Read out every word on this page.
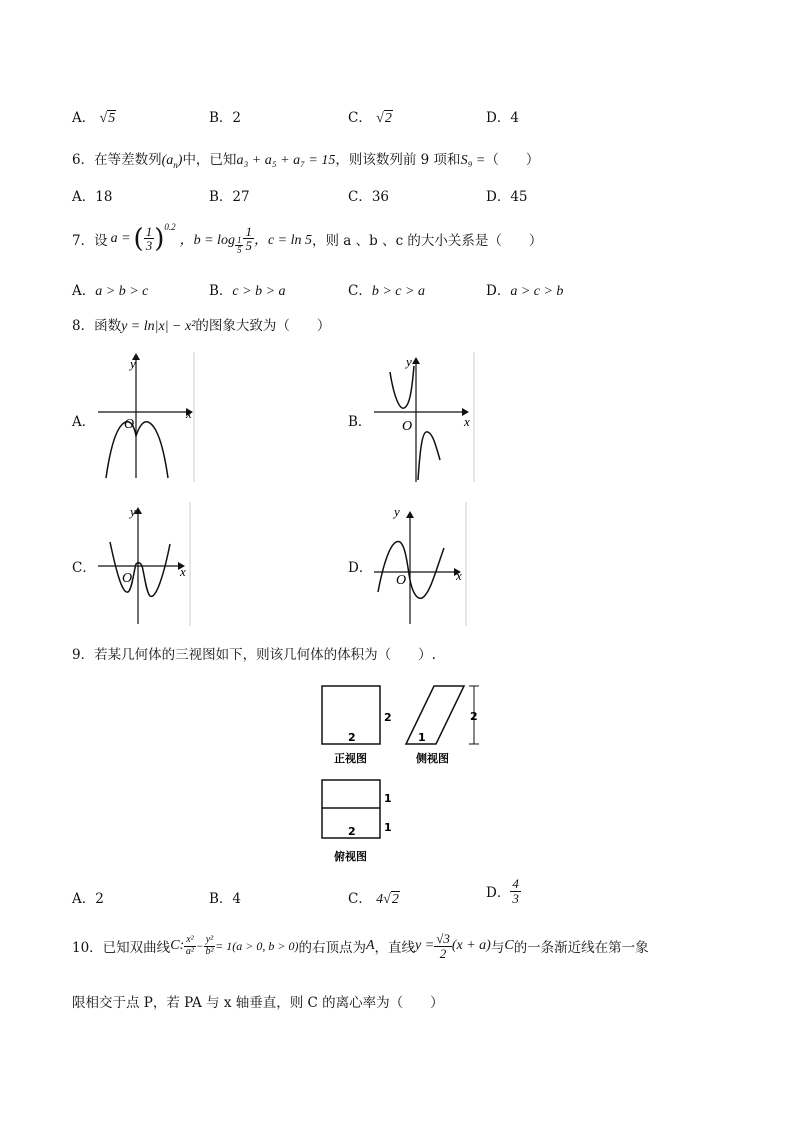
A． √5	B．2	C． √2	D．4
6．在等差数列$(a_n)$中，已知a₃ + a₅ + a₇ = 15，则该数列前 9 项和S₉ =（　　）
A．18	B．27	C．36	D．45
7．设 a = ( $\frac{1}{3}$ ) 0.2
，$b = \log \frac{1}{5} \frac{1}{5}$ ，c = ln 5 ，则 a 、b 、c 的大小关系是（　　）
A．a > b > c	B．c > b > a	C．b > c > a	D．a > c > b
8．函数y = ln|x| − x²的图象大致为（　　）
A．
y
x
O	B．
y
x
O
C．
y
x
O
D．
y
x
O
9．若某几何体的三视图如下，则该几何体的体积为（　　）.
2
2
正视图
1
2
侧视图
2
1
1
俯视图
A．2	B．4	C． 4√2	D． $\frac{4}{3}$
10．已知双曲线 C: $\frac{\text{x²}}{\text{a²}} - \frac{\text{y²}}{\text{b²}} = 1(a > 0$, b > 0) 的右顶点为 A ，直线 $y = \frac{√3}{2} (x + a)$ 与 C 的一条渐近线在第一象
限相交于点 P，若 PA 与 x 轴垂直，则 C 的离心率为（　　）
